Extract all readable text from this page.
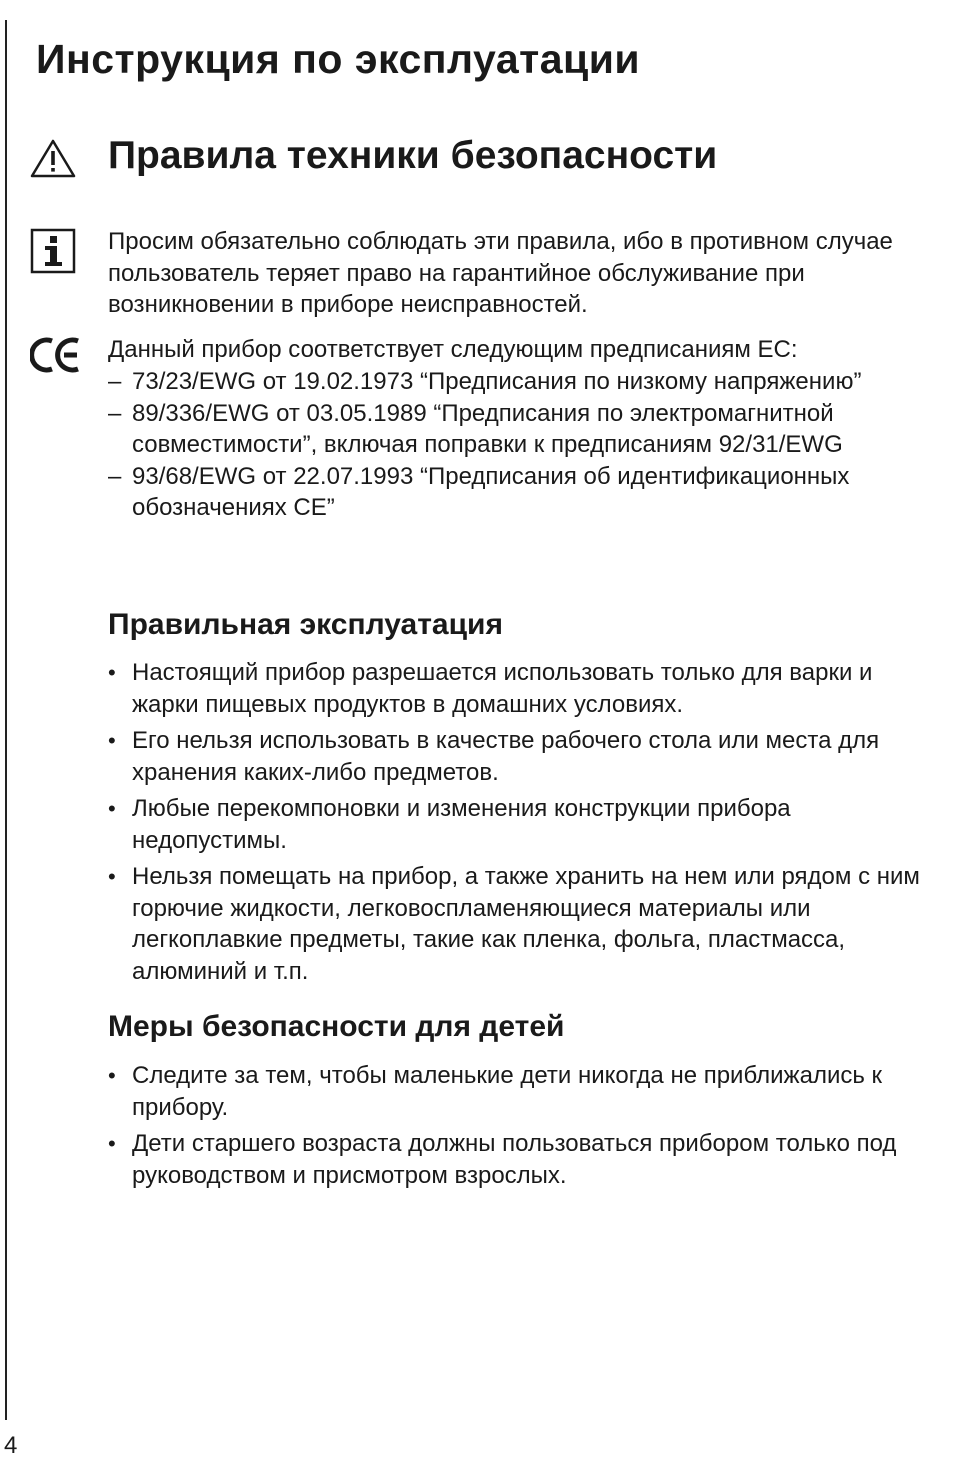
Инструкция по эксплуатации
Правила техники безопасности
Просим обязательно соблюдать эти правила, ибо в противном случае пользователь теряет право на гарантийное обслуживание при возникновении в приборе неисправностей.
Данный прибор соответствует следующим предписаниям ЕС:
– 73/23/EWG от 19.02.1973 “Предписания по низкому напряжению”
– 89/336/EWG от 03.05.1989 “Предписания по электромагнитной совместимости”, включая поправки к предписаниям 92/31/EWG
– 93/68/EWG от 22.07.1993 “Предписания об идентификационных обозначениях CE”
Правильная эксплуатация
• Настоящий прибор разрешается использовать только для варки и жарки пищевых продуктов в домашних условиях.
• Его нельзя использовать в качестве рабочего стола или места для хранения каких-либо предметов.
• Любые перекомпоновки и изменения конструкции прибора недопустимы.
• Нельзя помещать на прибор, а также хранить на нем или рядом с ним горючие жидкости, легковоспламеняющиеся материалы или легкоплавкие предметы, такие как пленка, фольга, пластмасса, алюминий и т.п.
Меры безопасности для детей
• Следите за тем, чтобы маленькие дети никогда не приближались к прибору.
• Дети старшего возраста должны пользоваться прибором только под руководством и присмотром взрослых.
4
